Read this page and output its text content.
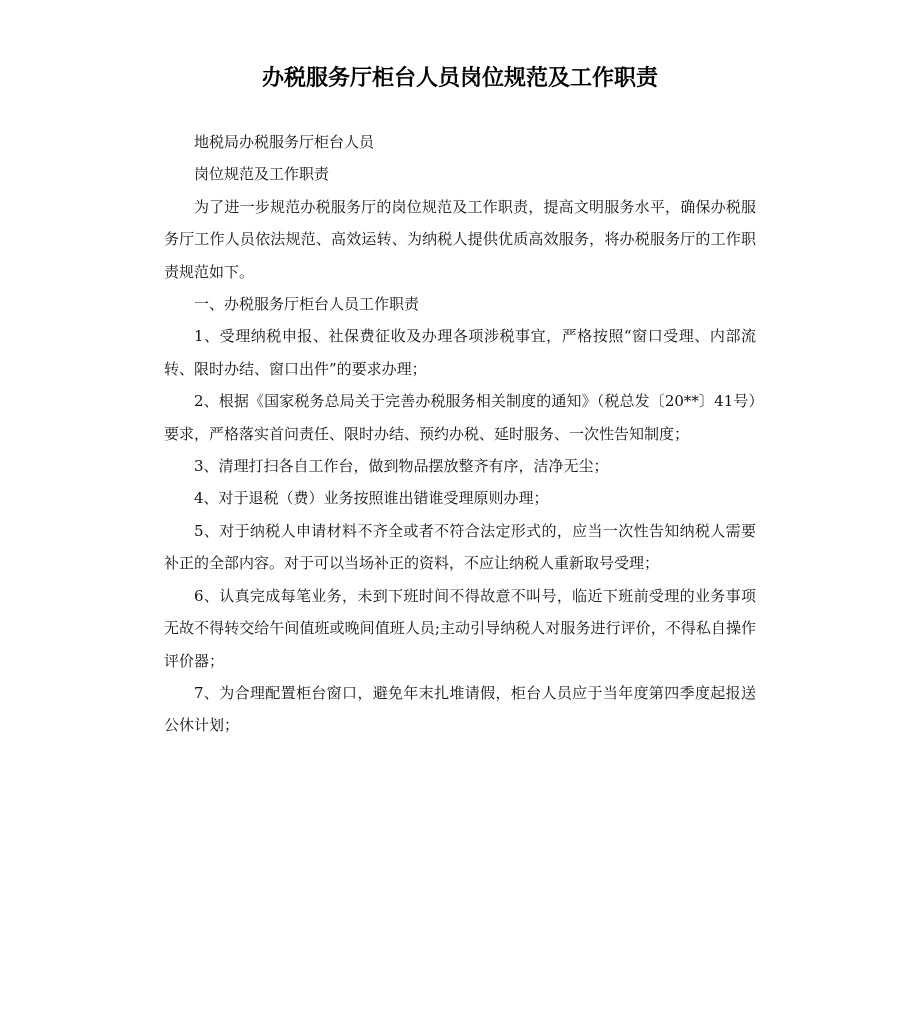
办税服务厅柜台人员岗位规范及工作职责

地税局办税服务厅柜台人员

岗位规范及工作职责

为了进一步规范办税服务厅的岗位规范及工作职责，提高文明服务水平，确保办税服务厅工作人员依法规范、高效运转、为纳税人提供优质高效服务，将办税服务厅的工作职责规范如下。

一、办税服务厅柜台人员工作职责

1、受理纳税申报、社保费征收及办理各项涉税事宜，严格按照“窗口受理、内部流转、限时办结、窗口出件”的要求办理；

2、根据《国家税务总局关于完善办税服务相关制度的通知》（税总发〔20**〕41号）要求，严格落实首问责任、限时办结、预约办税、延时服务、一次性告知制度；

3、清理打扫各自工作台，做到物品摆放整齐有序，洁净无尘；

4、对于退税（费）业务按照谁出错谁受理原则办理；

5、对于纳税人申请材料不齐全或者不符合法定形式的，应当一次性告知纳税人需要补正的全部内容。对于可以当场补正的资料，不应让纳税人重新取号受理；

6、认真完成每笔业务，未到下班时间不得故意不叫号，临近下班前受理的业务事项无故不得转交给午间值班或晚间值班人员;主动引导纳税人对服务进行评价，不得私自操作评价器；

7、为合理配置柜台窗口，避免年末扎堆请假，柜台人员应于当年度第四季度起报送公休计划；
